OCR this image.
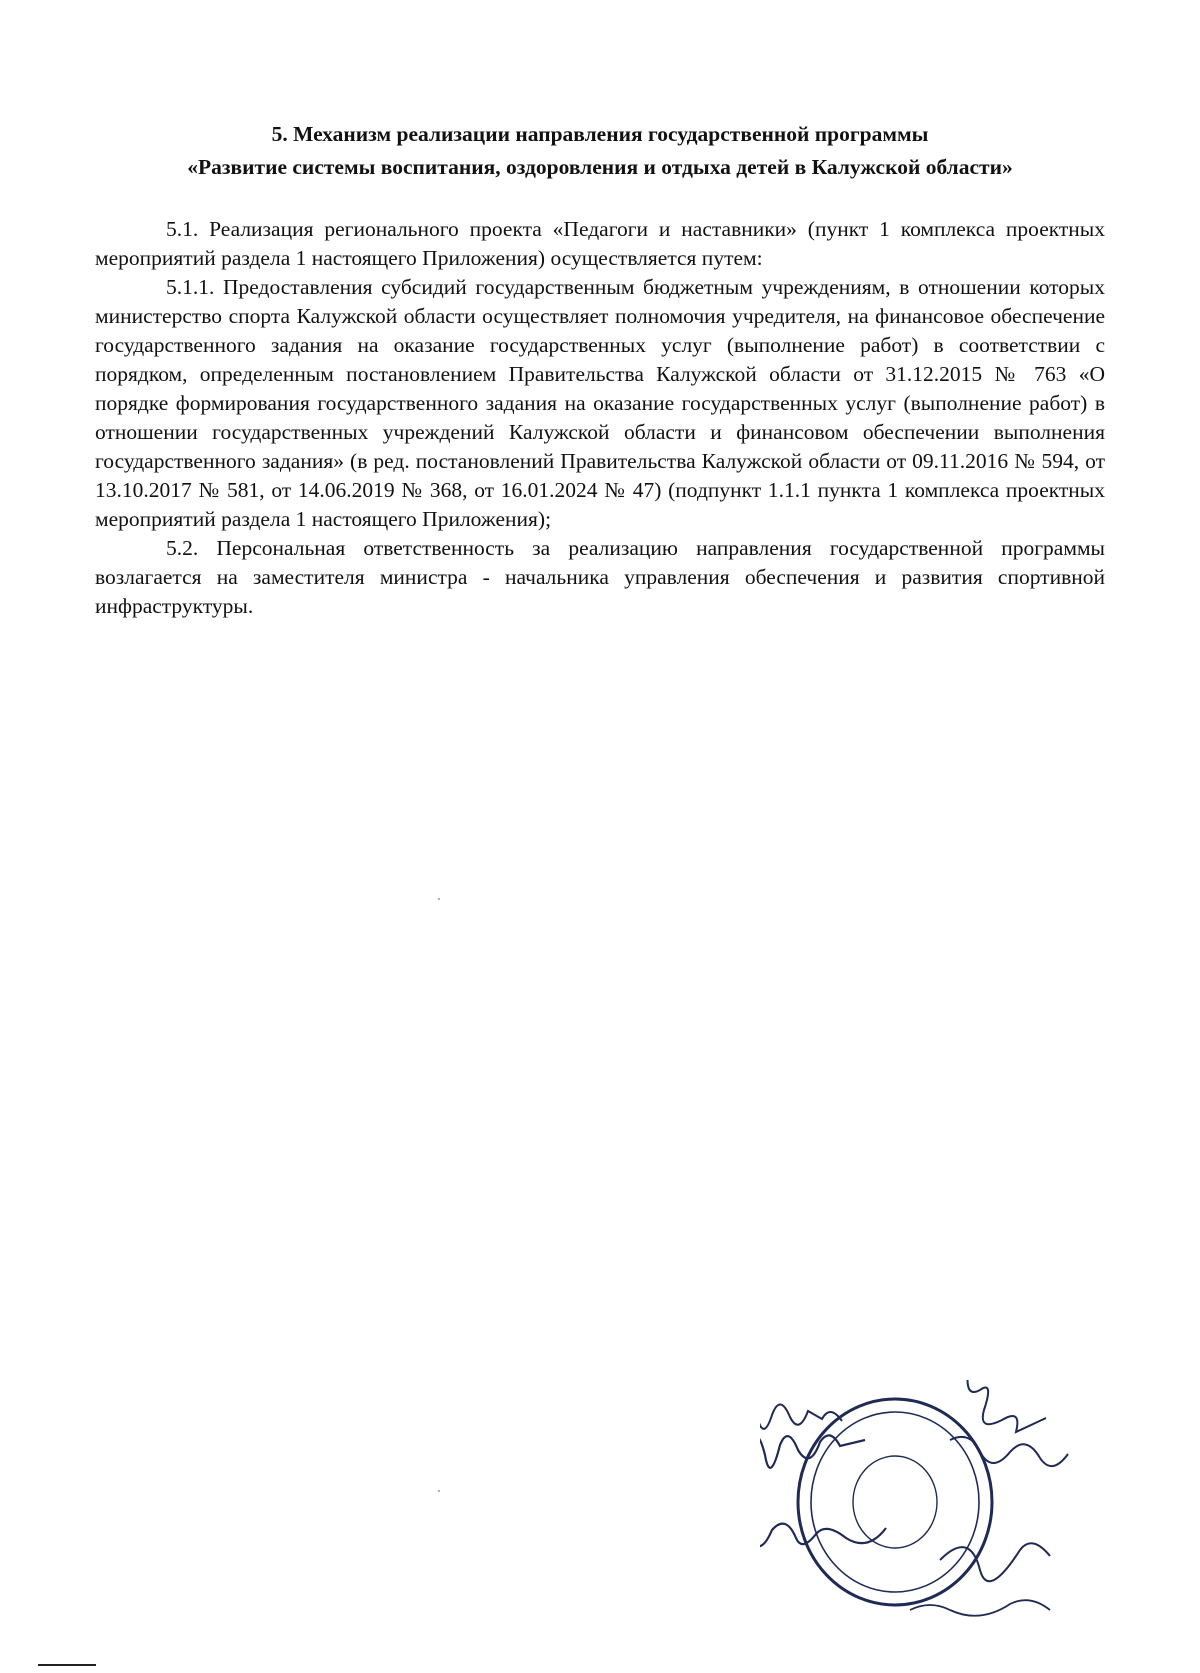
5. Механизм реализации направления государственной программы
«Развитие системы воспитания, оздоровления и отдыха детей в Калужской области»

5.1. Реализация регионального проекта «Педагоги и наставники» (пункт 1 комплекса проектных мероприятий раздела 1 настоящего Приложения) осуществляется путем:

5.1.1. Предоставления субсидий государственным бюджетным учреждениям, в отношении которых министерство спорта Калужской области осуществляет полномочия учредителя, на финансовое обеспечение государственного задания на оказание государственных услуг (выполнение работ) в соответствии с порядком, определенным постановлением Правительства Калужской области от 31.12.2015 № 763 «О порядке формирования государственного задания на оказание государственных услуг (выполнение работ) в отношении государственных учреждений Калужской области и финансовом обеспечении выполнения государственного задания» (в ред. постановлений Правительства Калужской области от 09.11.2016 № 594, от 13.10.2017 № 581, от 14.06.2019 № 368, от 16.01.2024 № 47) (подпункт 1.1.1 пункта 1 комплекса проектных мероприятий раздела 1 настоящего Приложения);

5.2. Персональная ответственность за реализацию направления государственной программы возлагается на заместителя министра - начальника управления обеспечения и развития спортивной инфраструктуры.
